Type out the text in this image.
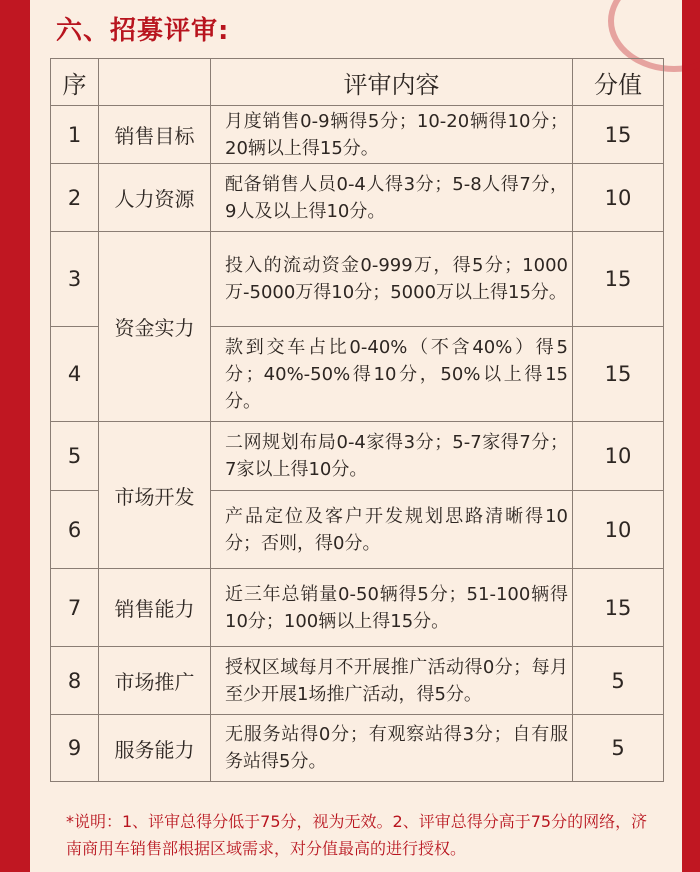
六、招募评审:
序		评审内容	分值
1	销售目标	月度销售0-9辆得5分；10-20辆得10分；20辆以上得15分。	15
2	人力资源	配备销售人员0-4人得3分；5-8人得7分，9人及以上得10分。	10
3	资金实力	投入的流动资金0-999万，得5分；1000万-5000万得10分；5000万以上得15分。	15
4		款到交车占比0-40%（不含40%）得5分；40%-50%得10分，50%以上得15分。	15
5	市场开发	二网规划布局0-4家得3分；5-7家得7分；7家以上得10分。	10
6		产品定位及客户开发规划思路清晰得10分；否则，得0分。	10
7	销售能力	近三年总销量0-50辆得5分；51-100辆得10分；100辆以上得15分。	15
8	市场推广	授权区域每月不开展推广活动得0分；每月至少开展1场推广活动，得5分。	5
9	服务能力	无服务站得0分；有观察站得3分；自有服务站得5分。	5
*说明：1、评审总得分低于75分，视为无效。2、评审总得分高于75分的网络，济南商用车销售部根据区域需求，对分值最高的进行授权。
